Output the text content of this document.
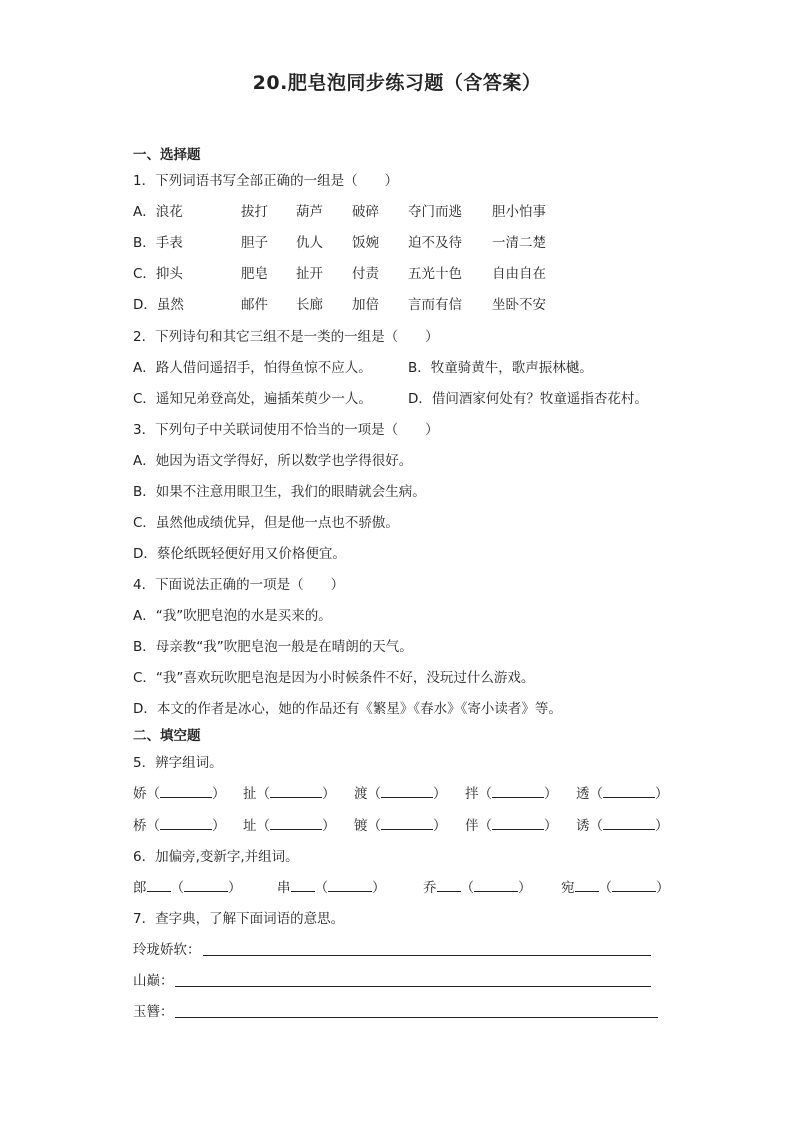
20.肥皂泡同步练习题（含答案）
一、选择题
1．下列词语书写全部正确的一组是（　　）
A．浪花	拔打 葫芦 破碎 夺门而逃 胆小怕事
B．手表	胆子 仇人 饭婉 迫不及待 一清二楚
C．抑头	肥皂 扯开 付责 五光十色 自由自在
D．虽然	邮件 长廊 加倍 言而有信 坐卧不安
2．下列诗句和其它三组不是一类的一组是（　　）
A．路人借问遥招手，怕得鱼惊不应人。	B．牧童骑黄牛，歌声振林樾。
C．遥知兄弟登高处，遍插茱萸少一人。	D．借问酒家何处有？牧童遥指杏花村。
3．下列句子中关联词使用不恰当的一项是（　　）
A．她因为语文学得好，所以数学也学得很好。
B．如果不注意用眼卫生，我们的眼睛就会生病。
C．虽然他成绩优异，但是他一点也不骄傲。
D．蔡伦纸既轻便好用又价格便宜。
4．下面说法正确的一项是（　　）
A．“我”吹肥皂泡的水是买来的。
B．母亲教“我”吹肥皂泡一般是在晴朗的天气。
C．“我”喜欢玩吹肥皂泡是因为小时候条件不好，没玩过什么游戏。
D．本文的作者是冰心，她的作品还有《繁星》《春水》《寄小读者》等。
二、填空题
5．辨字组词。
娇（	） 扯（	） 渡（	） 拌（	） 透（	）
桥（	） 址（	） 镀（	） 伴（	） 诱（	）
6．加偏旁,变新字,并组词。
郎 （	）	串 （	）	乔 （	） 宛 （	）
7．查字典，了解下面词语的意思。
玲珑娇软：
山巅：
玉簪：
